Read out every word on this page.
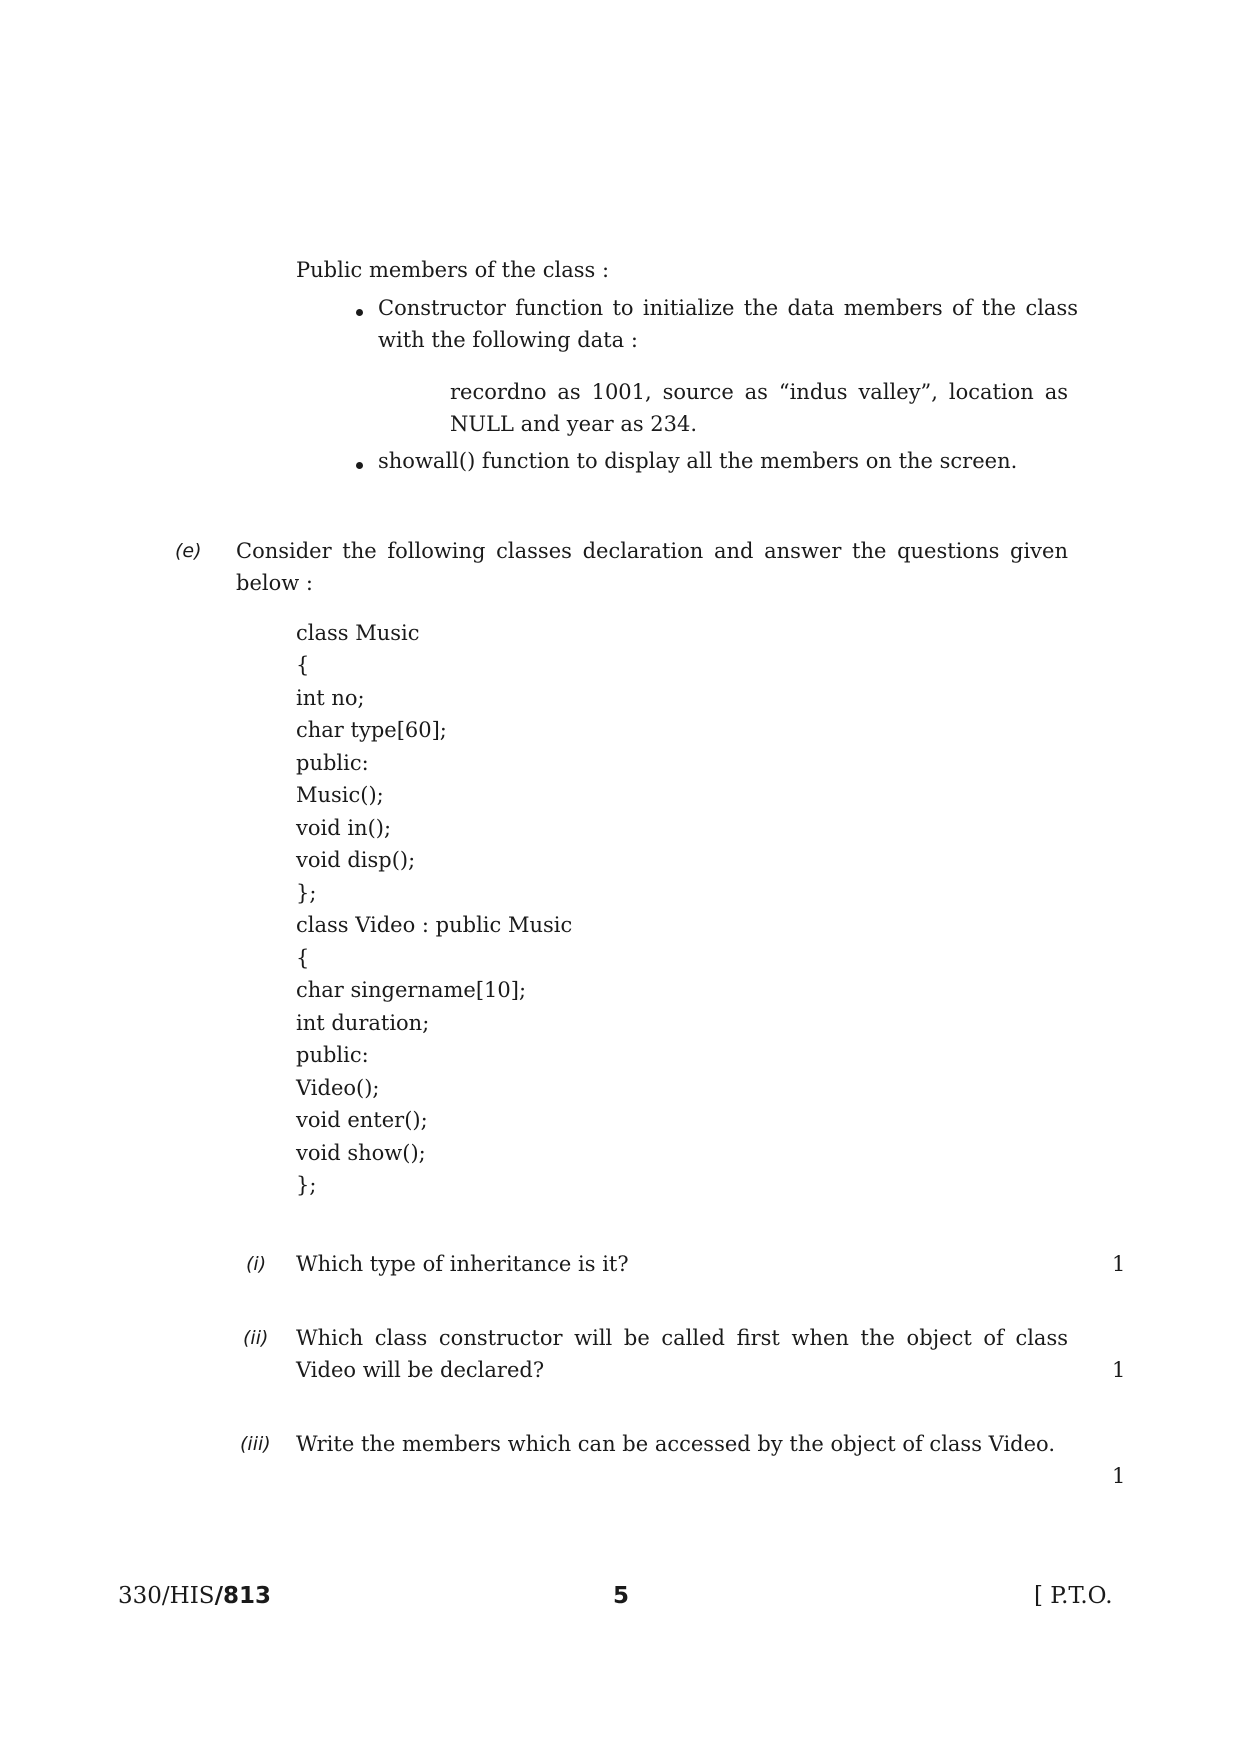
Public members of the class :
Constructor function to initialize the data members of the class with the following data :
recordno as 1001, source as “indus valley”, location as NULL and year as 234.
showall() function to display all the members on the screen.
(e) Consider the following classes declaration and answer the questions given below :
class Music
{
int no;
char type[60];
public:
Music();
void in();
void disp();
};
class Video : public Music
{
char singername[10];
int duration;
public:
Video();
void enter();
void show();
};
(i) Which type of inheritance is it?	1
(ii) Which class constructor will be called first when the object of class Video will be declared?	1
(iii) Write the members which can be accessed by the object of class Video.
1
330/HIS/813	5	[ P.T.O.
